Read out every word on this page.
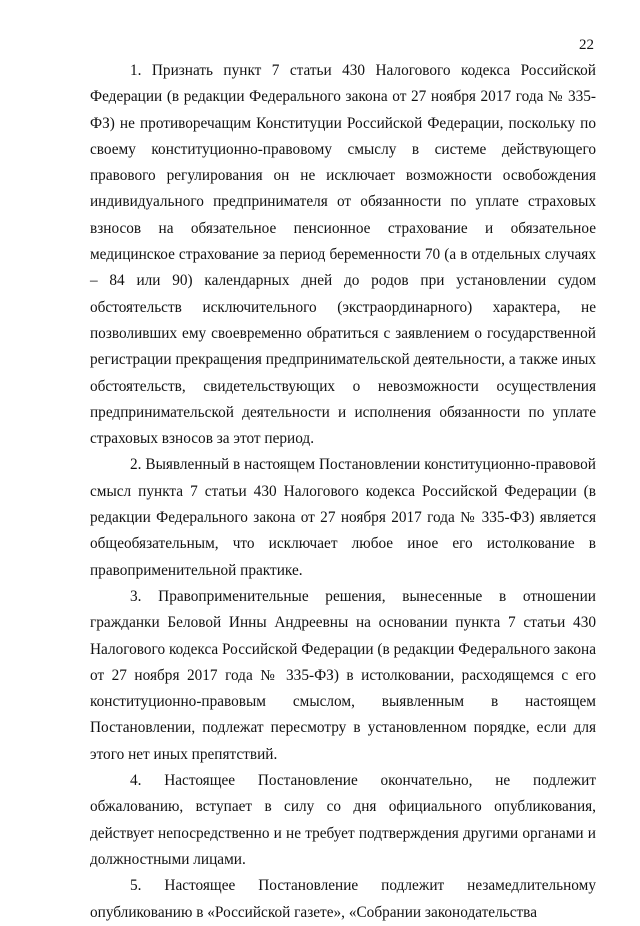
22

1. Признать пункт 7 статьи 430 Налогового кодекса Российской Федерации (в редакции Федерального закона от 27 ноября 2017 года № 335-ФЗ) не противоречащим Конституции Российской Федерации, поскольку по своему конституционно-правовому смыслу в системе действующего правового регулирования он не исключает возможности освобождения индивидуального предпринимателя от обязанности по уплате страховых взносов на обязательное пенсионное страхование и обязательное медицинское страхование за период беременности 70 (а в отдельных случаях – 84 или 90) календарных дней до родов при установлении судом обстоятельств исключительного (экстраординарного) характера, не позволивших ему своевременно обратиться с заявлением о государственной регистрации прекращения предпринимательской деятельности, а также иных обстоятельств, свидетельствующих о невозможности осуществления предпринимательской деятельности и исполнения обязанности по уплате страховых взносов за этот период.

2. Выявленный в настоящем Постановлении конституционно-правовой смысл пункта 7 статьи 430 Налогового кодекса Российской Федерации (в редакции Федерального закона от 27 ноября 2017 года № 335-ФЗ) является общеобязательным, что исключает любое иное его истолкование в правоприменительной практике.

3. Правоприменительные решения, вынесенные в отношении гражданки Беловой Инны Андреевны на основании пункта 7 статьи 430 Налогового кодекса Российской Федерации (в редакции Федерального закона от 27 ноября 2017 года № 335-ФЗ) в истолковании, расходящемся с его конституционно-правовым смыслом, выявленным в настоящем Постановлении, подлежат пересмотру в установленном порядке, если для этого нет иных препятствий.

4. Настоящее Постановление окончательно, не подлежит обжалованию, вступает в силу со дня официального опубликования, действует непосредственно и не требует подтверждения другими органами и должностными лицами.

5. Настоящее Постановление подлежит незамедлительному опубликованию в «Российской газете», «Собрании законодательства
